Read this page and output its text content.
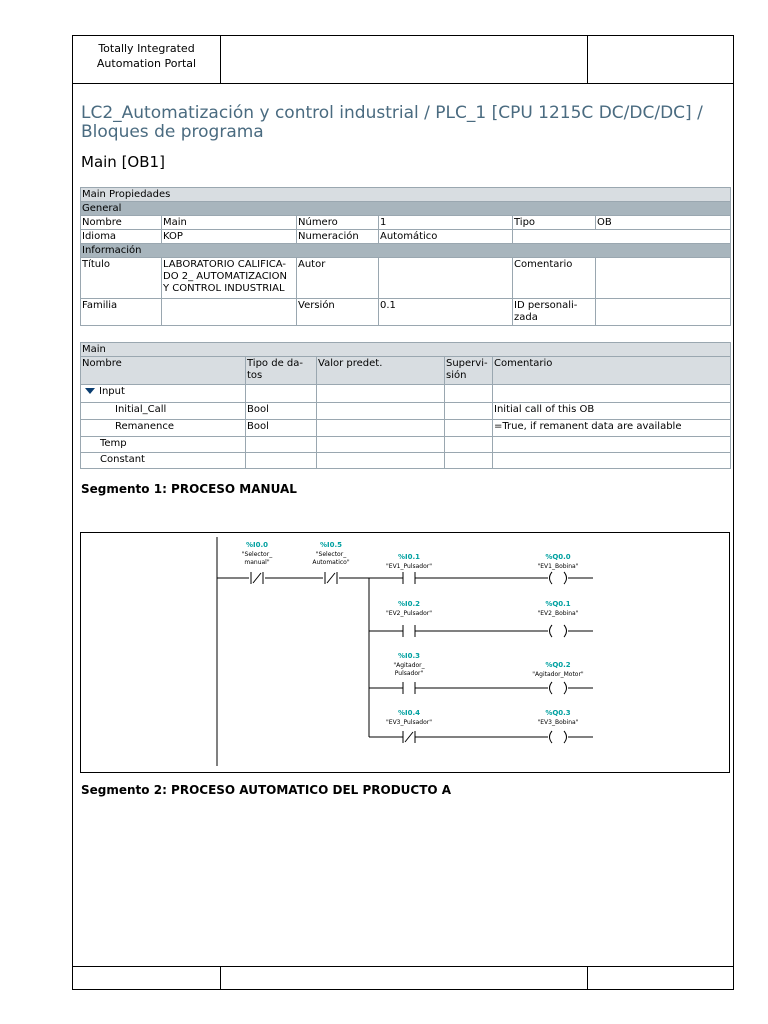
Totally Integrated
Automation Portal
LC2_Automatización y control industrial / PLC_1 [CPU 1215C DC/DC/DC] / Bloques de programa
Main [OB1]
Main Propiedades					
General					
Nombre	Main	Número	1	Tipo	OB
Idioma	KOP	Numeración	Automático		
Información					
Título	LABORATORIO CALIFICA-DO 2_ AUTOMATIZACION Y CONTROL INDUSTRIAL	Autor		Comentario	
Familia		Versión	0.1	ID personali-zada	
Main				
Nombre	Tipo de da-tos	Valor predet.	Supervi-sión	Comentario
Input				
Initial_Call	Bool			Initial call of this OB
Remanence	Bool			=True, if remanent data are available
Temp				
Constant				
Segmento 1: PROCESO MANUAL
%I0.0
"Selector_
manual"
%I0.5
"Selector_
Automatico"
%I0.1
"EV1_Pulsador"
%I0.2
"EV2_Pulsador"
%I0.3
"Agitador_
Pulsador"
%I0.4
"EV3_Pulsador"
%Q0.0
"EV1_Bobina"
%Q0.1
"EV2_Bobina"
%Q0.2
"Agitador_Motor"
%Q0.3
"EV3_Bobina"
Segmento 2: PROCESO AUTOMATICO DEL PRODUCTO A
